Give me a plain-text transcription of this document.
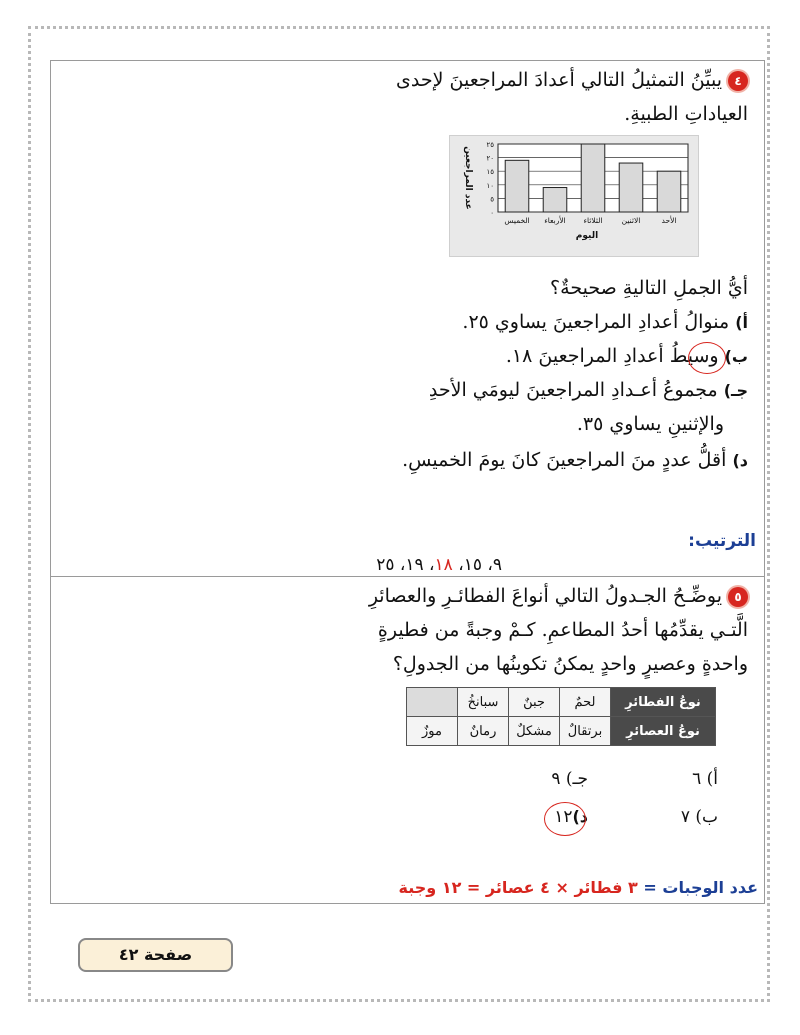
٤يبيِّنُ التمثيلُ التالي أعدادَ المراجعينَ لإحدى
العياداتِ الطبيةِ.
٠
٥
١٠
١٥
٢٠
٢٥
الأحد
الاثنين
الثلاثاء
الأربعاء
الخميس
اليوم
عدد المراجعين
أيُّ الجملِ التاليةِ صحيحةٌ؟
أ) منوالُ أعدادِ المراجعينَ يساوي ٢٥.
ب) وسيطُ أعدادِ المراجعينَ ١٨.
جـ) مجموعُ أعـدادِ المراجعينَ ليومَي الأحدِ
والإثنينِ يساوي ٣٥.
د) أقلُّ عددٍ منَ المراجعينَ كانَ يومَ الخميسِ.
الترتيب:
٩، ١٥، ١٨، ١٩، ٢٥
٥يوضِّـحُ الجـدولُ التالي أنواعَ الفطائـرِ والعصائرِ
الَّتـي يقدِّمُها أحدُ المطاعمِ. كـمْ وجبةً من فطيرةٍ
واحدةٍ وعصيرٍ واحدٍ يمكنُ تكوينُها من الجدولِ؟
نوعُ الفطائرِ	لحمٌ	جبنٌ	سبانخُ	
نوعُ العصائرِ	برتقالٌ	مشكلٌ	رمانٌ	موزٌ
أ) ٦
ب) ٧
جـ) ٩
د)١٢
عدد الوجبات = ٣ فطائر × ٤ عصائر = ١٢ وجبة
صفحة ٤٢
